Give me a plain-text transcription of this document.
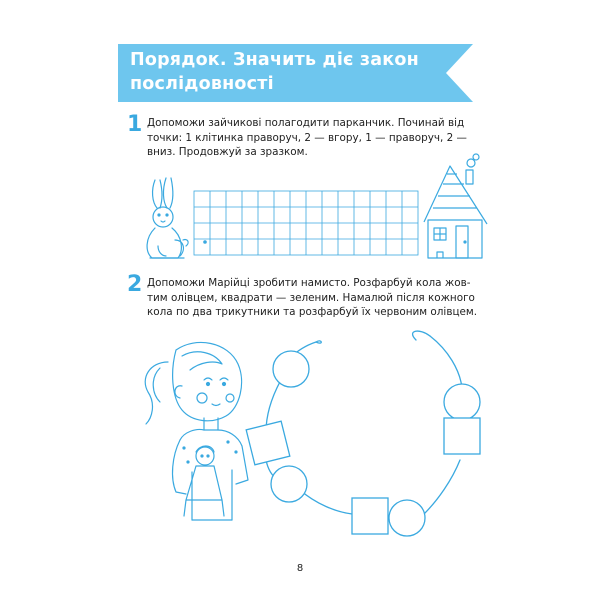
Порядок. Значить діє закон
послідовності
1 Допоможи зайчикові полагодити парканчик. Починай від
точки: 1 клітинка праворуч, 2 — вгору, 1 — праворуч, 2 —
вниз. Продовжуй за зразком.
2 Допоможи Марійці зробити намисто. Розфарбуй кола жов-
тим олівцем, квадрати — зеленим. Намалюй після кожного
кола по два трикутники та розфарбуй їх червоним олівцем.
8
